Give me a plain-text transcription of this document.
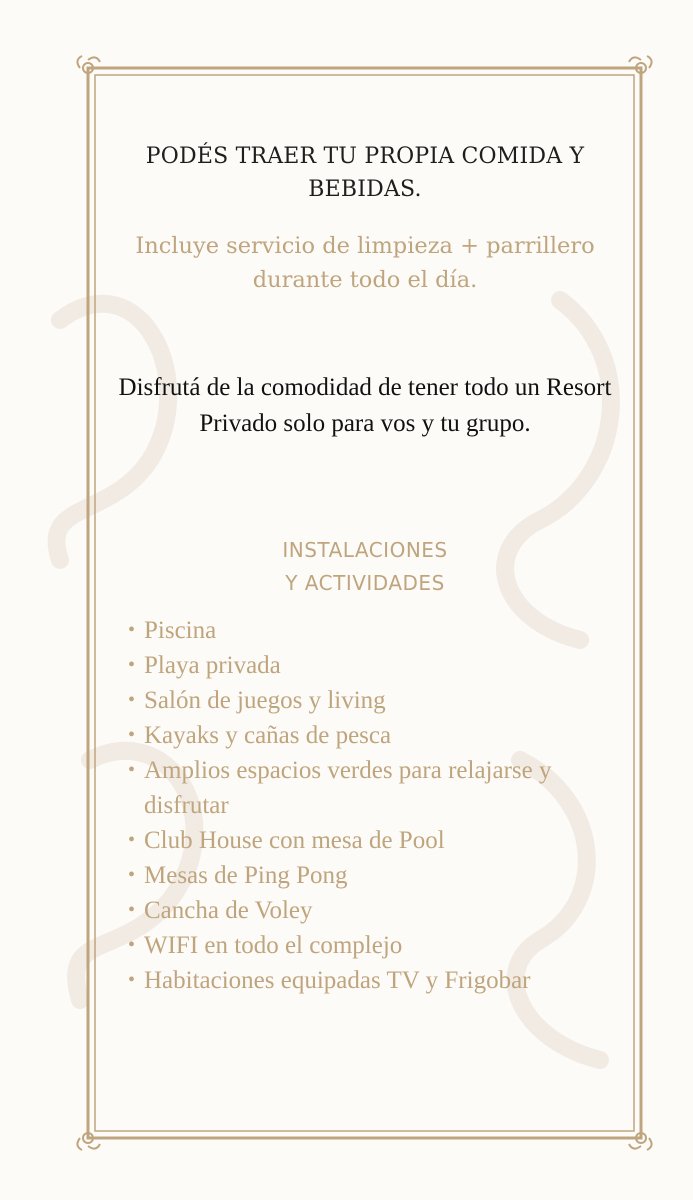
PODÉS TRAER TU PROPIA COMIDA Y BEBIDAS.

Incluye servicio de limpieza + parrillero durante todo el día.

Disfrutá de la comodidad de tener todo un Resort Privado solo para vos y tu grupo.

INSTALACIONES
Y ACTIVIDADES
• Piscina
• Playa privada
• Salón de juegos y living
• Kayaks y cañas de pesca
• Amplios espacios verdes para relajarse y disfrutar
• Club House con mesa de Pool
• Mesas de Ping Pong
• Cancha de Voley
• WIFI en todo el complejo
• Habitaciones equipadas TV y Frigobar
